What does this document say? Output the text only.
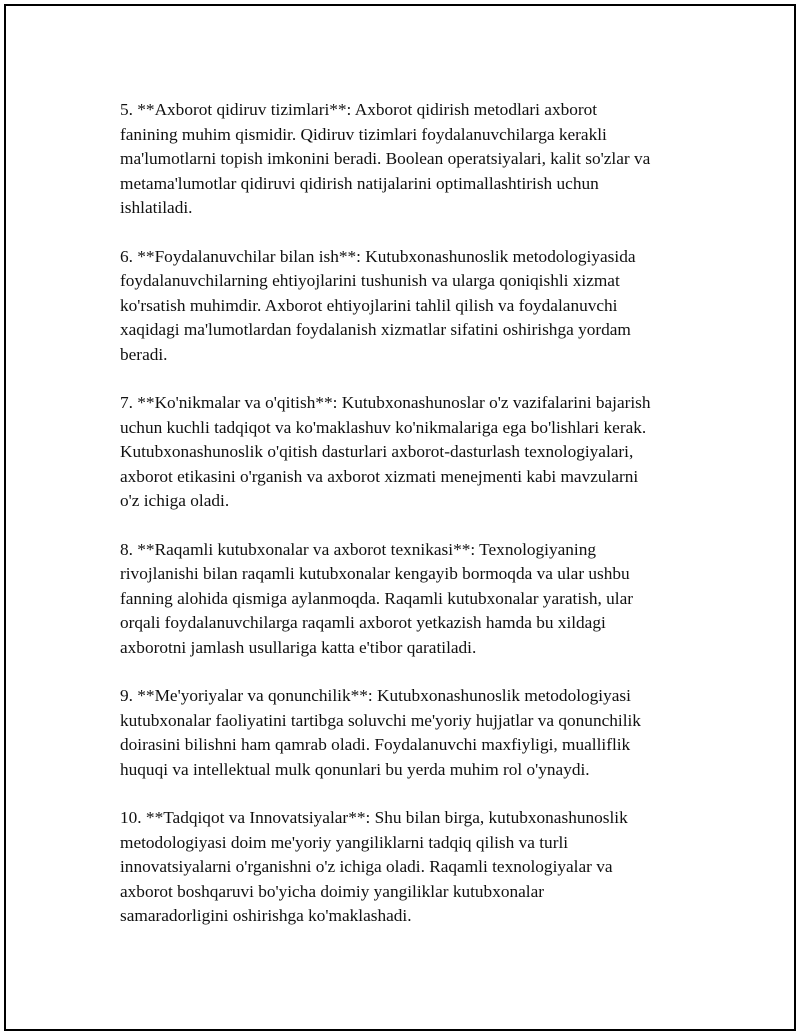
5. **Axborot qidiruv tizimlari**: Axborot qidirish metodlari axborot
fanining muhim qismidir. Qidiruv tizimlari foydalanuvchilarga kerakli
ma'lumotlarni topish imkonini beradi. Boolean operatsiyalari, kalit so'zlar va
metama'lumotlar qidiruvi qidirish natijalarini optimallashtirish uchun
ishlatiladi.

6. **Foydalanuvchilar bilan ish**: Kutubxonashunoslik metodologiyasida
foydalanuvchilarning ehtiyojlarini tushunish va ularga qoniqishli xizmat
ko'rsatish muhimdir. Axborot ehtiyojlarini tahlil qilish va foydalanuvchi
xaqidagi ma'lumotlardan foydalanish xizmatlar sifatini oshirishga yordam
beradi.

7. **Ko'nikmalar va o'qitish**: Kutubxonashunoslar o'z vazifalarini bajarish
uchun kuchli tadqiqot va ko'maklashuv ko'nikmalariga ega bo'lishlari kerak.
Kutubxonashunoslik o'qitish dasturlari axborot-dasturlash texnologiyalari,
axborot etikasini o'rganish va axborot xizmati menejmenti kabi mavzularni
o'z ichiga oladi.

8. **Raqamli kutubxonalar va axborot texnikasi**: Texnologiyaning
rivojlanishi bilan raqamli kutubxonalar kengayib bormoqda va ular ushbu
fanning alohida qismiga aylanmoqda. Raqamli kutubxonalar yaratish, ular
orqali foydalanuvchilarga raqamli axborot yetkazish hamda bu xildagi
axborotni jamlash usullariga katta e'tibor qaratiladi.

9. **Me'yoriyalar va qonunchilik**: Kutubxonashunoslik metodologiyasi
kutubxonalar faoliyatini tartibga soluvchi me'yoriy hujjatlar va qonunchilik
doirasini bilishni ham qamrab oladi. Foydalanuvchi maxfiyligi, mualliflik
huquqi va intellektual mulk qonunlari bu yerda muhim rol o'ynaydi.

10. **Tadqiqot va Innovatsiyalar**: Shu bilan birga, kutubxonashunoslik
metodologiyasi doim me'yoriy yangiliklarni tadqiq qilish va turli
innovatsiyalarni o'rganishni o'z ichiga oladi. Raqamli texnologiyalar va
axborot boshqaruvi bo'yicha doimiy yangiliklar kutubxonalar
samaradorligini oshirishga ko'maklashadi.
